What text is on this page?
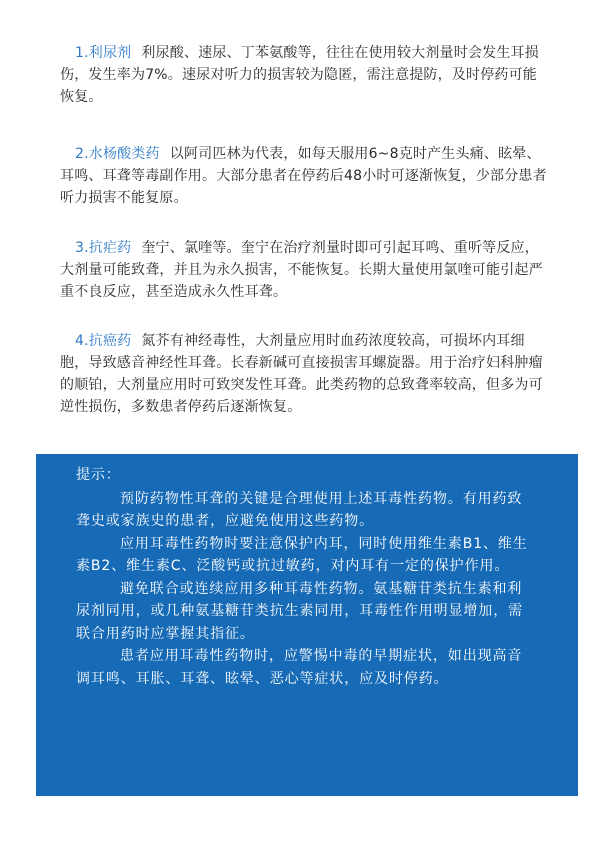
1.利尿剂 利尿酸、速尿、丁苯氨酸等，往往在使用较大剂量时会发生耳损伤，发生率为7%。速尿对听力的损害较为隐匿，需注意提防，及时停药可能恢复。
2.水杨酸类药 以阿司匹林为代表，如每天服用6~8克时产生头痛、眩晕、耳鸣、耳聋等毒副作用。大部分患者在停药后48小时可逐渐恢复，少部分患者听力损害不能复原。
3.抗疟药 奎宁、氯喹等。奎宁在治疗剂量时即可引起耳鸣、重听等反应，大剂量可能致聋，并且为永久损害，不能恢复。长期大量使用氯喹可能引起严重不良反应，甚至造成永久性耳聋。
4.抗癌药 氮芥有神经毒性，大剂量应用时血药浓度较高，可损坏内耳细胞，导致感音神经性耳聋。长春新碱可直接损害耳螺旋器。用于治疗妇科肿瘤的顺铂，大剂量应用时可致突发性耳聋。此类药物的总致聋率较高，但多为可逆性损伤，多数患者停药后逐渐恢复。
提示：

预防药物性耳聋的关键是合理使用上述耳毒性药物。有用药致聋史或家族史的患者，应避免使用这些药物。

应用耳毒性药物时要注意保护内耳，同时使用维生素B1、维生素B2、维生素C、泛酸钙或抗过敏药，对内耳有一定的保护作用。

避免联合或连续应用多种耳毒性药物。氨基糖苷类抗生素和利尿剂同用，或几种氨基糖苷类抗生素同用，耳毒性作用明显增加，需联合用药时应掌握其指征。

患者应用耳毒性药物时，应警惕中毒的早期症状，如出现高音调耳鸣、耳胀、耳聋、眩晕、恶心等症状，应及时停药。
